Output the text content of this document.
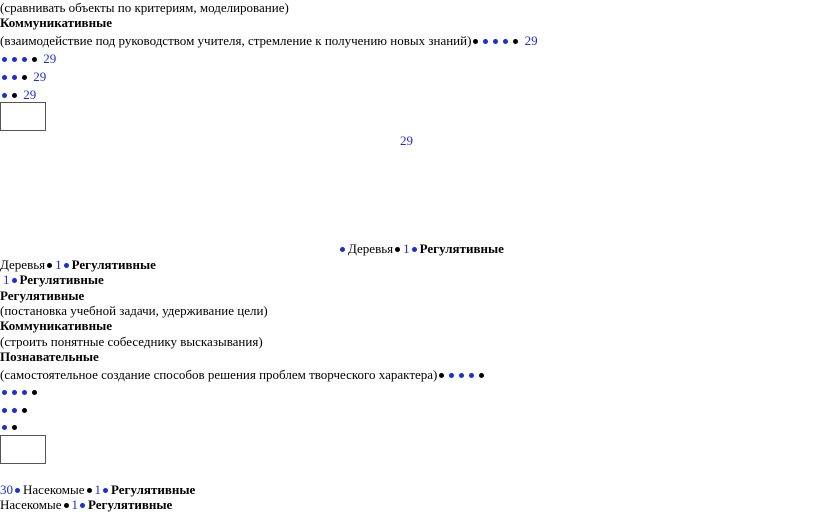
(сравнивать объекты по критериям, моделирование)
Коммуникативные
(взаимодействие под руководством учителя, стремление к получению новых знаний)	29
29
29
29
29
Деревья 1 Регулятивные
Деревья 1 Регулятивные
1 Регулятивные
Регулятивные
(постановка учебной задачи, удерживание цели)
Коммуникативные
(строить понятные собеседнику высказывания)
Познавательные
(самостоятельное создание способов решения проблем творческого характера)
30 Насекомые 1 Регулятивные
Насекомые 1 Регулятивные
